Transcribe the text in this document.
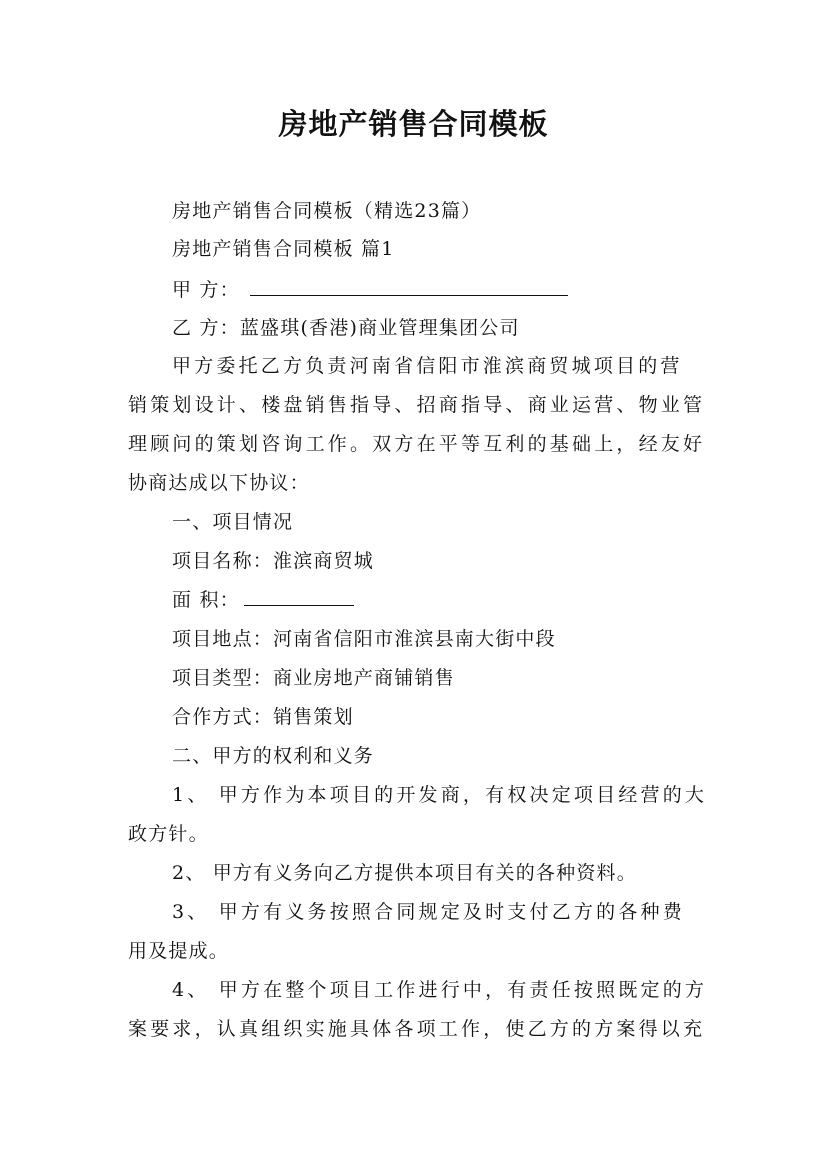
房地产销售合同模板
房地产销售合同模板（精选23篇）
房地产销售合同模板 篇1
甲 方：
乙 方：蓝盛琪(香港)商业管理集团公司
甲方委托乙方负责河南省信阳市淮滨商贸城项目的营
销策划设计、楼盘销售指导、招商指导、商业运营、物业管
理顾问的策划咨询工作。双方在平等互利的基础上，经友好
协商达成以下协议：
一、项目情况
项目名称：淮滨商贸城
面 积：
项目地点：河南省信阳市淮滨县南大街中段
项目类型：商业房地产商铺销售
合作方式：销售策划
二、甲方的权利和义务
1、 甲方作为本项目的开发商，有权决定项目经营的大
政方针。
2、 甲方有义务向乙方提供本项目有关的各种资料。
3、 甲方有义务按照合同规定及时支付乙方的各种费
用及提成。
4、 甲方在整个项目工作进行中，有责任按照既定的方
案要求，认真组织实施具体各项工作，使乙方的方案得以充
